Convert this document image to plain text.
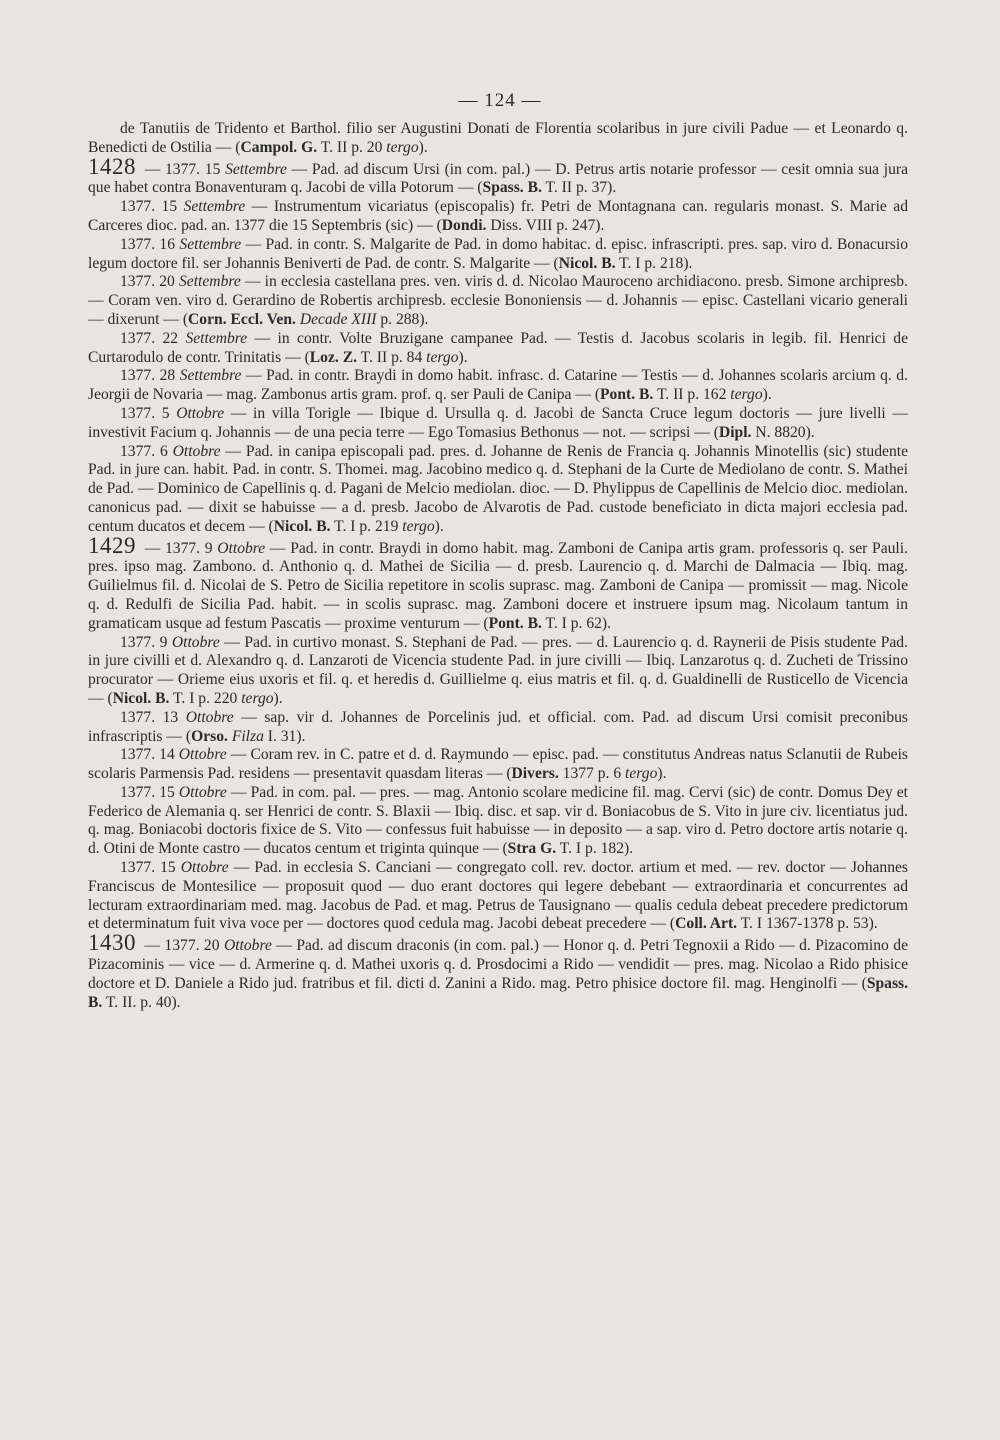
— 124 —

de Tanutiis de Tridento et Barthol. filio ser Augustini Donati de Florentia scolaribus in jure civili Padue — et Leonardo q. Benedicti de Ostilia — (Campol. G. T. II p. 20 tergo).

1428 — 1377. 15 Settembre — Pad. ad discum Ursi (in com. pal.) — D. Petrus artis notarie professor — cesit omnia sua jura que habet contra Bonaventuram q. Jacobi de villa Potorum — (Spass. B. T. II p. 37).

1377. 15 Settembre — Instrumentum vicariatus (episcopalis) fr. Petri de Montagnana can. regularis monast. S. Marie ad Carceres dioc. pad. an. 1377 die 15 Septembris (sic) — (Dondi. Diss. VIII p. 247).

1377. 16 Settembre — Pad. in contr. S. Malgarite de Pad. in domo habitac. d. episc. infrascripti. pres. sap. viro d. Bonacursio legum doctore fil. ser Johannis Beniverti de Pad. de contr. S. Malgarite — (Nicol. B. T. I p. 218).

1377. 20 Settembre — in ecclesia castellana pres. ven. viris d. d. Nicolao Mauroceno archidiacono. presb. Simone archipresb. — Coram ven. viro d. Gerardino de Robertis archipresb. ecclesie Bononiensis — d. Johannis — episc. Castellani vicario generali — dixerunt — (Corn. Eccl. Ven. Decade XIII p. 288).

1377. 22 Settembre — in contr. Volte Bruzigane campanee Pad. — Testis d. Jacobus scolaris in legib. fil. Henrici de Curtarodulo de contr. Trinitatis — (Loz. Z. T. II p. 84 tergo).

1377. 28 Settembre — Pad. in contr. Braydi in domo habit. infrasc. d. Catarine — Testis — d. Johannes scolaris arcium q. d. Jeorgii de Novaria — mag. Zambonus artis gram. prof. q. ser Pauli de Canipa — (Pont. B. T. II p. 162 tergo).

1377. 5 Ottobre — in villa Torigle — Ibique d. Ursulla q. d. Jacobi de Sancta Cruce legum doctoris — jure livelli — investivit Facium q. Johannis — de una pecia terre — Ego Tomasius Bethonus — not. — scripsi — (Dipl. N. 8820).

1377. 6 Ottobre — Pad. in canipa episcopali pad. pres. d. Johanne de Renis de Francia q. Johannis Minotellis (sic) studente Pad. in jure can. habit. Pad. in contr. S. Thomei. mag. Jacobino medico q. d. Stephani de la Curte de Mediolano de contr. S. Mathei de Pad. — Dominico de Capellinis q. d. Pagani de Melcio mediolan. dioc. — D. Phylippus de Capellinis de Melcio dioc. mediolan. canonicus pad. — dixit se habuisse — a d. presb. Jacobo de Alvarotis de Pad. custode beneficiato in dicta majori ecclesia pad. centum ducatos et decem — (Nicol. B. T. I p. 219 tergo).

1429 — 1377. 9 Ottobre — Pad. in contr. Braydi in domo habit. mag. Zamboni de Canipa artis gram. professoris q. ser Pauli. pres. ipso mag. Zambono. d. Anthonio q. d. Mathei de Sicilia — d. presb. Laurencio q. d. Marchi de Dalmacia — Ibiq. mag. Guilielmus fil. d. Nicolai de S. Petro de Sicilia repetitore in scolis suprasc. mag. Zamboni de Canipa — promissit — mag. Nicole q. d. Redulfi de Sicilia Pad. habit. — in scolis suprasc. mag. Zamboni docere et instruere ipsum mag. Nicolaum tantum in gramaticam usque ad festum Pascatis — proxime venturum — (Pont. B. T. I p. 62).

1377. 9 Ottobre — Pad. in curtivo monast. S. Stephani de Pad. — pres. — d. Laurencio q. d. Raynerii de Pisis studente Pad. in jure civilli et d. Alexandro q. d. Lanzaroti de Vicencia studente Pad. in jure civilli — Ibiq. Lanzarotus q. d. Zucheti de Trissino procurator — Orieme eius uxoris et fil. q. et heredis d. Guillielme q. eius matris et fil. q. d. Gualdinelli de Rusticello de Vicencia — (Nicol. B. T. I p. 220 tergo).

1377. 13 Ottobre — sap. vir d. Johannes de Porcelinis jud. et official. com. Pad. ad discum Ursi comisit preconibus infrascriptis — (Orso. Filza I. 31).

1377. 14 Ottobre — Coram rev. in C. patre et d. d. Raymundo — episc. pad. — constitutus Andreas natus Sclanutii de Rubeis scolaris Parmensis Pad. residens — presentavit quasdam literas — (Divers. 1377 p. 6 tergo).

1377. 15 Ottobre — Pad. in com. pal. — pres. — mag. Antonio scolare medicine fil. mag. Cervi (sic) de contr. Domus Dey et Federico de Alemania q. ser Henrici de contr. S. Blaxii — Ibiq. disc. et sap. vir d. Boniacobus de S. Vito in jure civ. licentiatus jud. q. mag. Boniacobi doctoris fixice de S. Vito — confessus fuit habuisse — in deposito — a sap. viro d. Petro doctore artis notarie q. d. Otini de Monte castro — ducatos centum et triginta quinque — (Stra G. T. I p. 182).

1377. 15 Ottobre — Pad. in ecclesia S. Canciani — congregato coll. rev. doctor. artium et med. — rev. doctor — Johannes Franciscus de Montesilice — proposuit quod — duo erant doctores qui legere debebant — extraordinaria et concurrentes ad lecturam extraordinariam med. mag. Jacobus de Pad. et mag. Petrus de Tausignano — qualis cedula debeat precedere predictorum et determinatum fuit viva voce per — doctores quod cedula mag. Jacobi debeat precedere — (Coll. Art. T. I 1367-1378 p. 53).

1430 — 1377. 20 Ottobre — Pad. ad discum draconis (in com. pal.) — Honor q. d. Petri Tegnoxii a Rido — d. Pizacomino de Pizacominis — vice — d. Armerine q. d. Mathei uxoris q. d. Prosdocimi a Rido — vendidit — pres. mag. Nicolao a Rido phisice doctore et D. Daniele a Rido jud. fratribus et fil. dicti d. Zanini a Rido. mag. Petro phisice doctore fil. mag. Henginolfi — (Spass. B. T. II. p. 40).
